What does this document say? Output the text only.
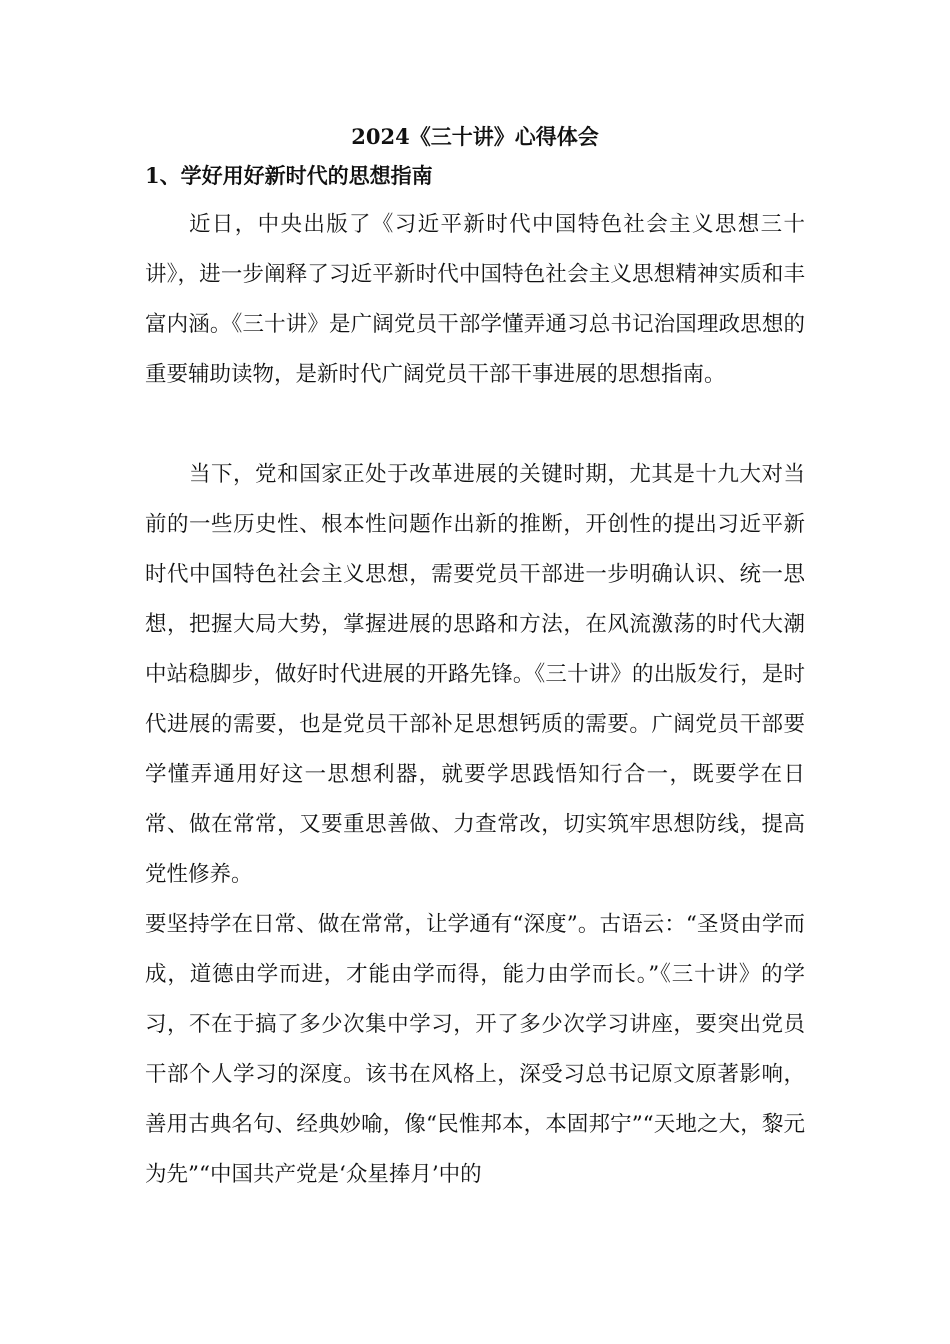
2024《三十讲》心得体会
1、学好用好新时代的思想指南

近日，中央出版了《习近平新时代中国特色社会主义思想三十讲》，进一步阐释了习近平新时代中国特色社会主义思想精神实质和丰富内涵。《三十讲》是广阔党员干部学懂弄通习总书记治国理政思想的重要辅助读物，是新时代广阔党员干部干事进展的思想指南。

当下，党和国家正处于改革进展的关键时期，尤其是十九大对当前的一些历史性、根本性问题作出新的推断，开创性的提出习近平新时代中国特色社会主义思想，需要党员干部进一步明确认识、统一思想，把握大局大势，掌握进展的思路和方法，在风流激荡的时代大潮中站稳脚步，做好时代进展的开路先锋。《三十讲》的出版发行，是时代进展的需要，也是党员干部补足思想钙质的需要。广阔党员干部要学懂弄通用好这一思想利器，就要学思践悟知行合一，既要学在日常、做在常常，又要重思善做、力查常改，切实筑牢思想防线，提高党性修养。

要坚持学在日常、做在常常，让学通有“深度”。古语云：“圣贤由学而成，道德由学而进，才能由学而得，能力由学而长。”《三十讲》的学习，不在于搞了多少次集中学习，开了多少次学习讲座，要突出党员干部个人学习的深度。该书在风格上，深受习总书记原文原著影响，善用古典名句、经典妙喻，像“民惟邦本，本固邦宁”“天地之大，黎元为先”“中国共产党是‘众星捧月’中的
